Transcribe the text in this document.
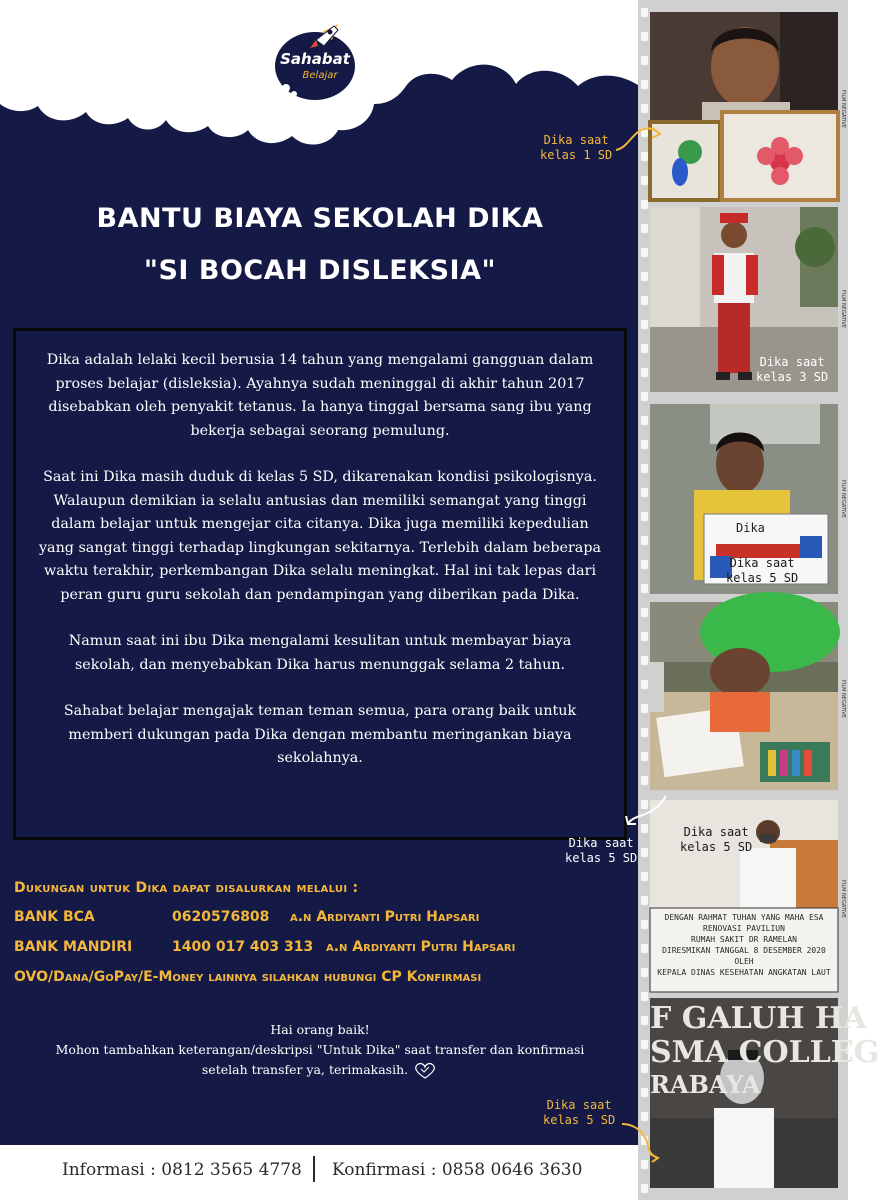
Sahabat
Belajar
BANTU BIAYA SEKOLAH DIKA
"SI BOCAH DISLEKSIA"

Dika adalah lelaki kecil berusia 14 tahun yang mengalami gangguan dalam proses belajar (disleksia). Ayahnya sudah meninggal di akhir tahun 2017 disebabkan oleh penyakit tetanus. Ia hanya tinggal bersama sang ibu yang bekerja sebagai seorang pemulung.

Saat ini Dika masih duduk di kelas 5 SD, dikarenakan kondisi psikologisnya. Walaupun demikian ia selalu antusias dan memiliki semangat yang tinggi dalam belajar untuk mengejar cita citanya. Dika juga memiliki kepedulian yang sangat tinggi terhadap lingkungan sekitarnya. Terlebih dalam beberapa waktu terakhir, perkembangan Dika selalu meningkat. Hal ini tak lepas dari peran guru guru sekolah dan pendampingan yang diberikan pada Dika.

Namun saat ini ibu Dika mengalami kesulitan untuk membayar biaya sekolah, dan menyebabkan Dika harus menunggak selama 2 tahun.

Sahabat belajar mengajak teman teman semua, para orang baik untuk memberi dukungan pada Dika dengan membantu meringankan biaya sekolahnya.

Dukungan untuk Dika dapat disalurkan melalui :
BANK BCA	0620576808 a.n Ardiyanti Putri Hapsari
BANK MANDIRI	1400 017 403 313 a.n Ardiyanti Putri Hapsari
OVO/Dana/GoPay/E-Money lainnya silahkan hubungi CP Konfirmasi
Hai orang baik!
Mohon tambahkan keterangan/deskripsi "Untuk Dika" saat transfer dan konfirmasi
setelah transfer ya, terimakasih.
Informasi : 0812 3565 4778 Konfirmasi : 0858 0646 3630
FILM NEGATIVE
FILM NEGATIVE
FILM NEGATIVE
FILM NEGATIVE
FILM NEGATIVE
Dika
DENGAN RAHMAT TUHAN YANG MAHA ESA
RENOVASI PAVILIUN
RUMAH SAKIT DR RAMELAN
DIRESMIKAN TANGGAL 8 DESEMBER 2020
OLEH
KEPALA DINAS KESEHATAN ANGKATAN LAUT
F GALUH HA
SMA COLLEG
RABAYA
Dika saat
kelas 1 SD
Dika saat
kelas 3 SD
Dika saat
kelas 5 SD
Dika saat
kelas 5 SD
Dika saat
kelas 5 SD
Dika saat
kelas 5 SD
